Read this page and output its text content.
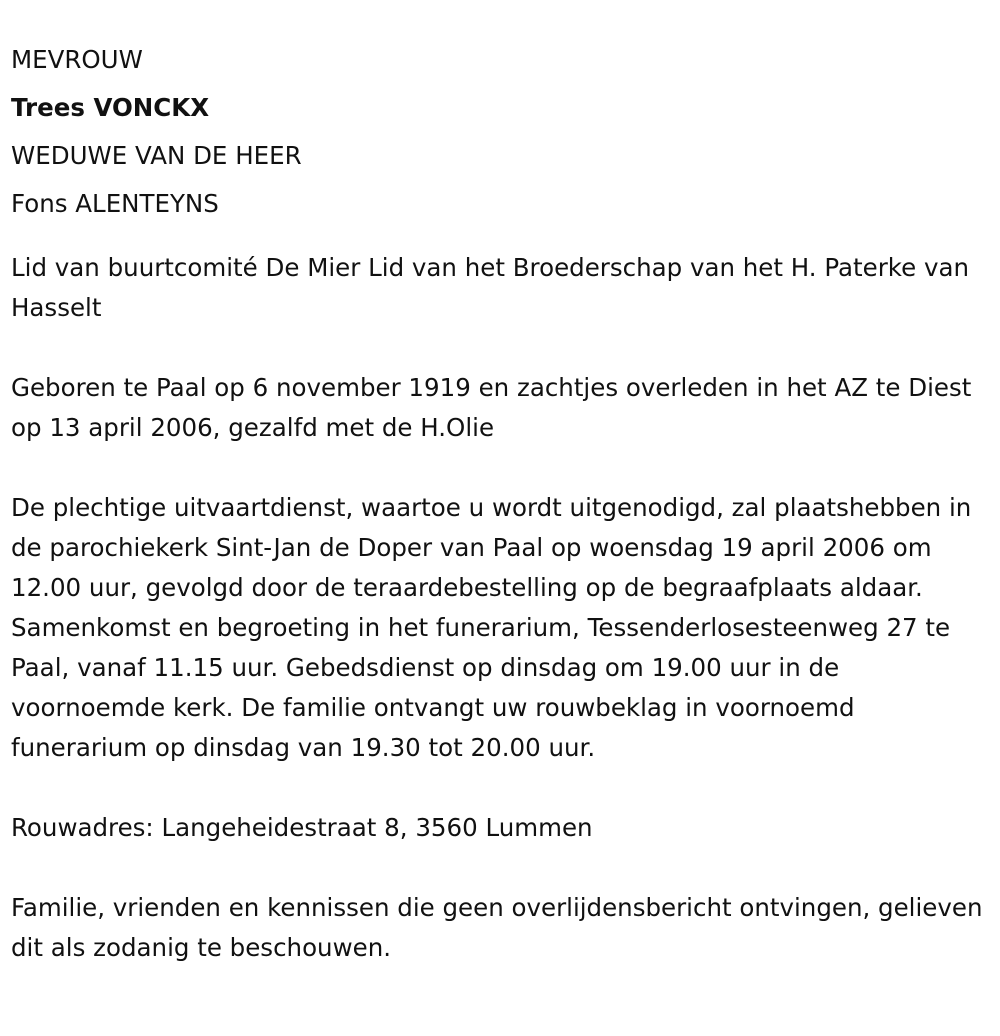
MEVROUW

Trees VONCKX

WEDUWE VAN DE HEER

Fons ALENTEYNS

Lid van buurtcomité De Mier Lid van het Broederschap van het H. Paterke van Hasselt

Geboren te Paal op 6 november 1919 en zachtjes overleden in het AZ te Diest op 13 april 2006, gezalfd met de H.Olie

De plechtige uitvaartdienst, waartoe u wordt uitgenodigd, zal plaatshebben in de parochiekerk Sint-Jan de Doper van Paal op woensdag 19 april 2006 om 12.00 uur, gevolgd door de teraardebestelling op de begraafplaats aldaar. Samenkomst en begroeting in het funerarium, Tessenderlosesteenweg 27 te Paal, vanaf 11.15 uur. Gebedsdienst op dinsdag om 19.00 uur in de voornoemde kerk. De familie ontvangt uw rouwbeklag in voornoemd funerarium op dinsdag van 19.30 tot 20.00 uur.

Rouwadres: Langeheidestraat 8, 3560 Lummen

Familie, vrienden en kennissen die geen overlijdensbericht ontvingen, gelieven dit als zodanig te beschouwen.
